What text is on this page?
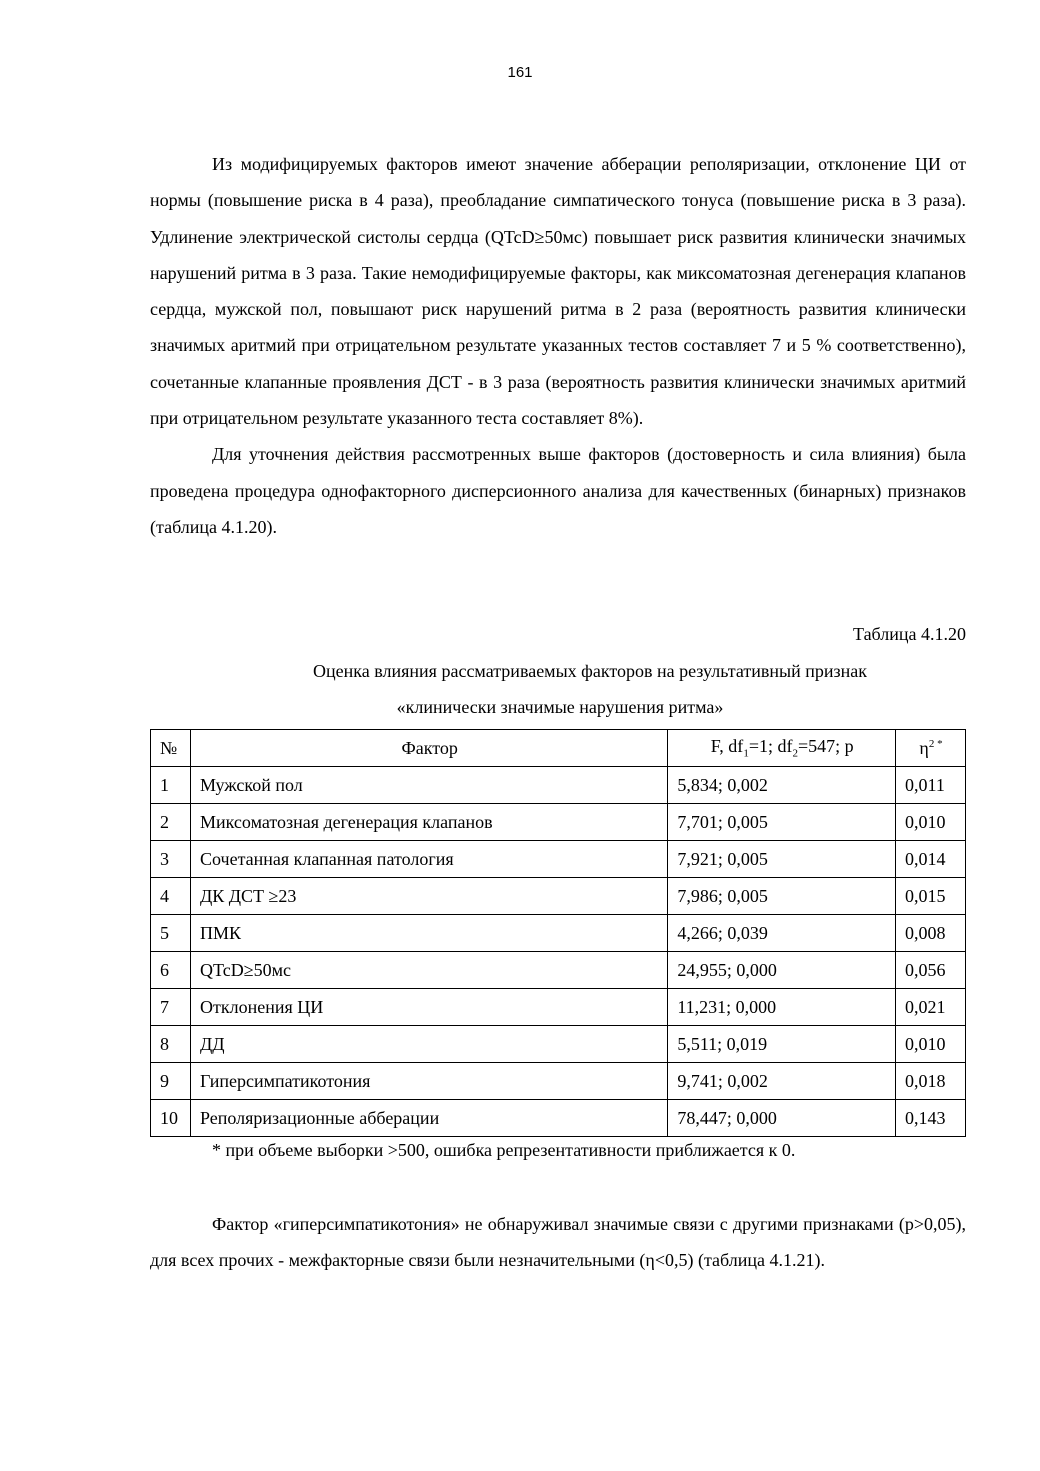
161

Из модифицируемых факторов имеют значение абберации реполяризации, отклонение ЦИ от нормы (повышение риска в 4 раза), преобладание симпатического тонуса (повышение риска в 3 раза). Удлинение электрической систолы сердца (QTcD≥50мс) повышает риск развития клинически значимых нарушений ритма в 3 раза. Такие немодифицируемые факторы, как миксоматозная дегенерация клапанов сердца, мужской пол, повышают риск нарушений ритма в 2 раза (вероятность развития клинически значимых аритмий при отрицательном результате указанных тестов составляет 7 и 5 % соответственно), сочетанные клапанные проявления ДСТ - в 3 раза (вероятность развития клинически значимых аритмий при отрицательном результате указанного теста составляет 8%).

Для уточнения действия рассмотренных выше факторов (достоверность и сила влияния) была проведена процедура однофакторного дисперсионного анализа для качественных (бинарных) признаков (таблица 4.1.20).

Таблица 4.1.20
Оценка влияния рассматриваемых факторов на результативный признак
«клинически значимые нарушения ритма»
№	Фактор	F, $df_1=1$; $df_2=547$; p	$\eta^{2 *}$
1	Мужской пол	5,834; 0,002	0,011
2	Миксоматозная дегенерация клапанов	7,701; 0,005	0,010
3	Сочетанная клапанная патология	7,921; 0,005	0,014
4	ДК ДСТ ≥23	7,986; 0,005	0,015
5	ПМК	4,266; 0,039	0,008
6	QTcD≥50мс	24,955; 0,000	0,056
7	Отклонения ЦИ	11,231; 0,000	0,021
8	ДД	5,511; 0,019	0,010
9	Гиперсимпатикотония	9,741; 0,002	0,018
10	Реполяризационные абберации	78,447; 0,000	0,143
* при объеме выборки >500, ошибка репрезентативности приближается к 0.

Фактор «гиперсимпатикотония» не обнаруживал значимые связи с другими признаками (p>0,05), для всех прочих - межфакторные связи были незначительными (η<0,5) (таблица 4.1.21).
